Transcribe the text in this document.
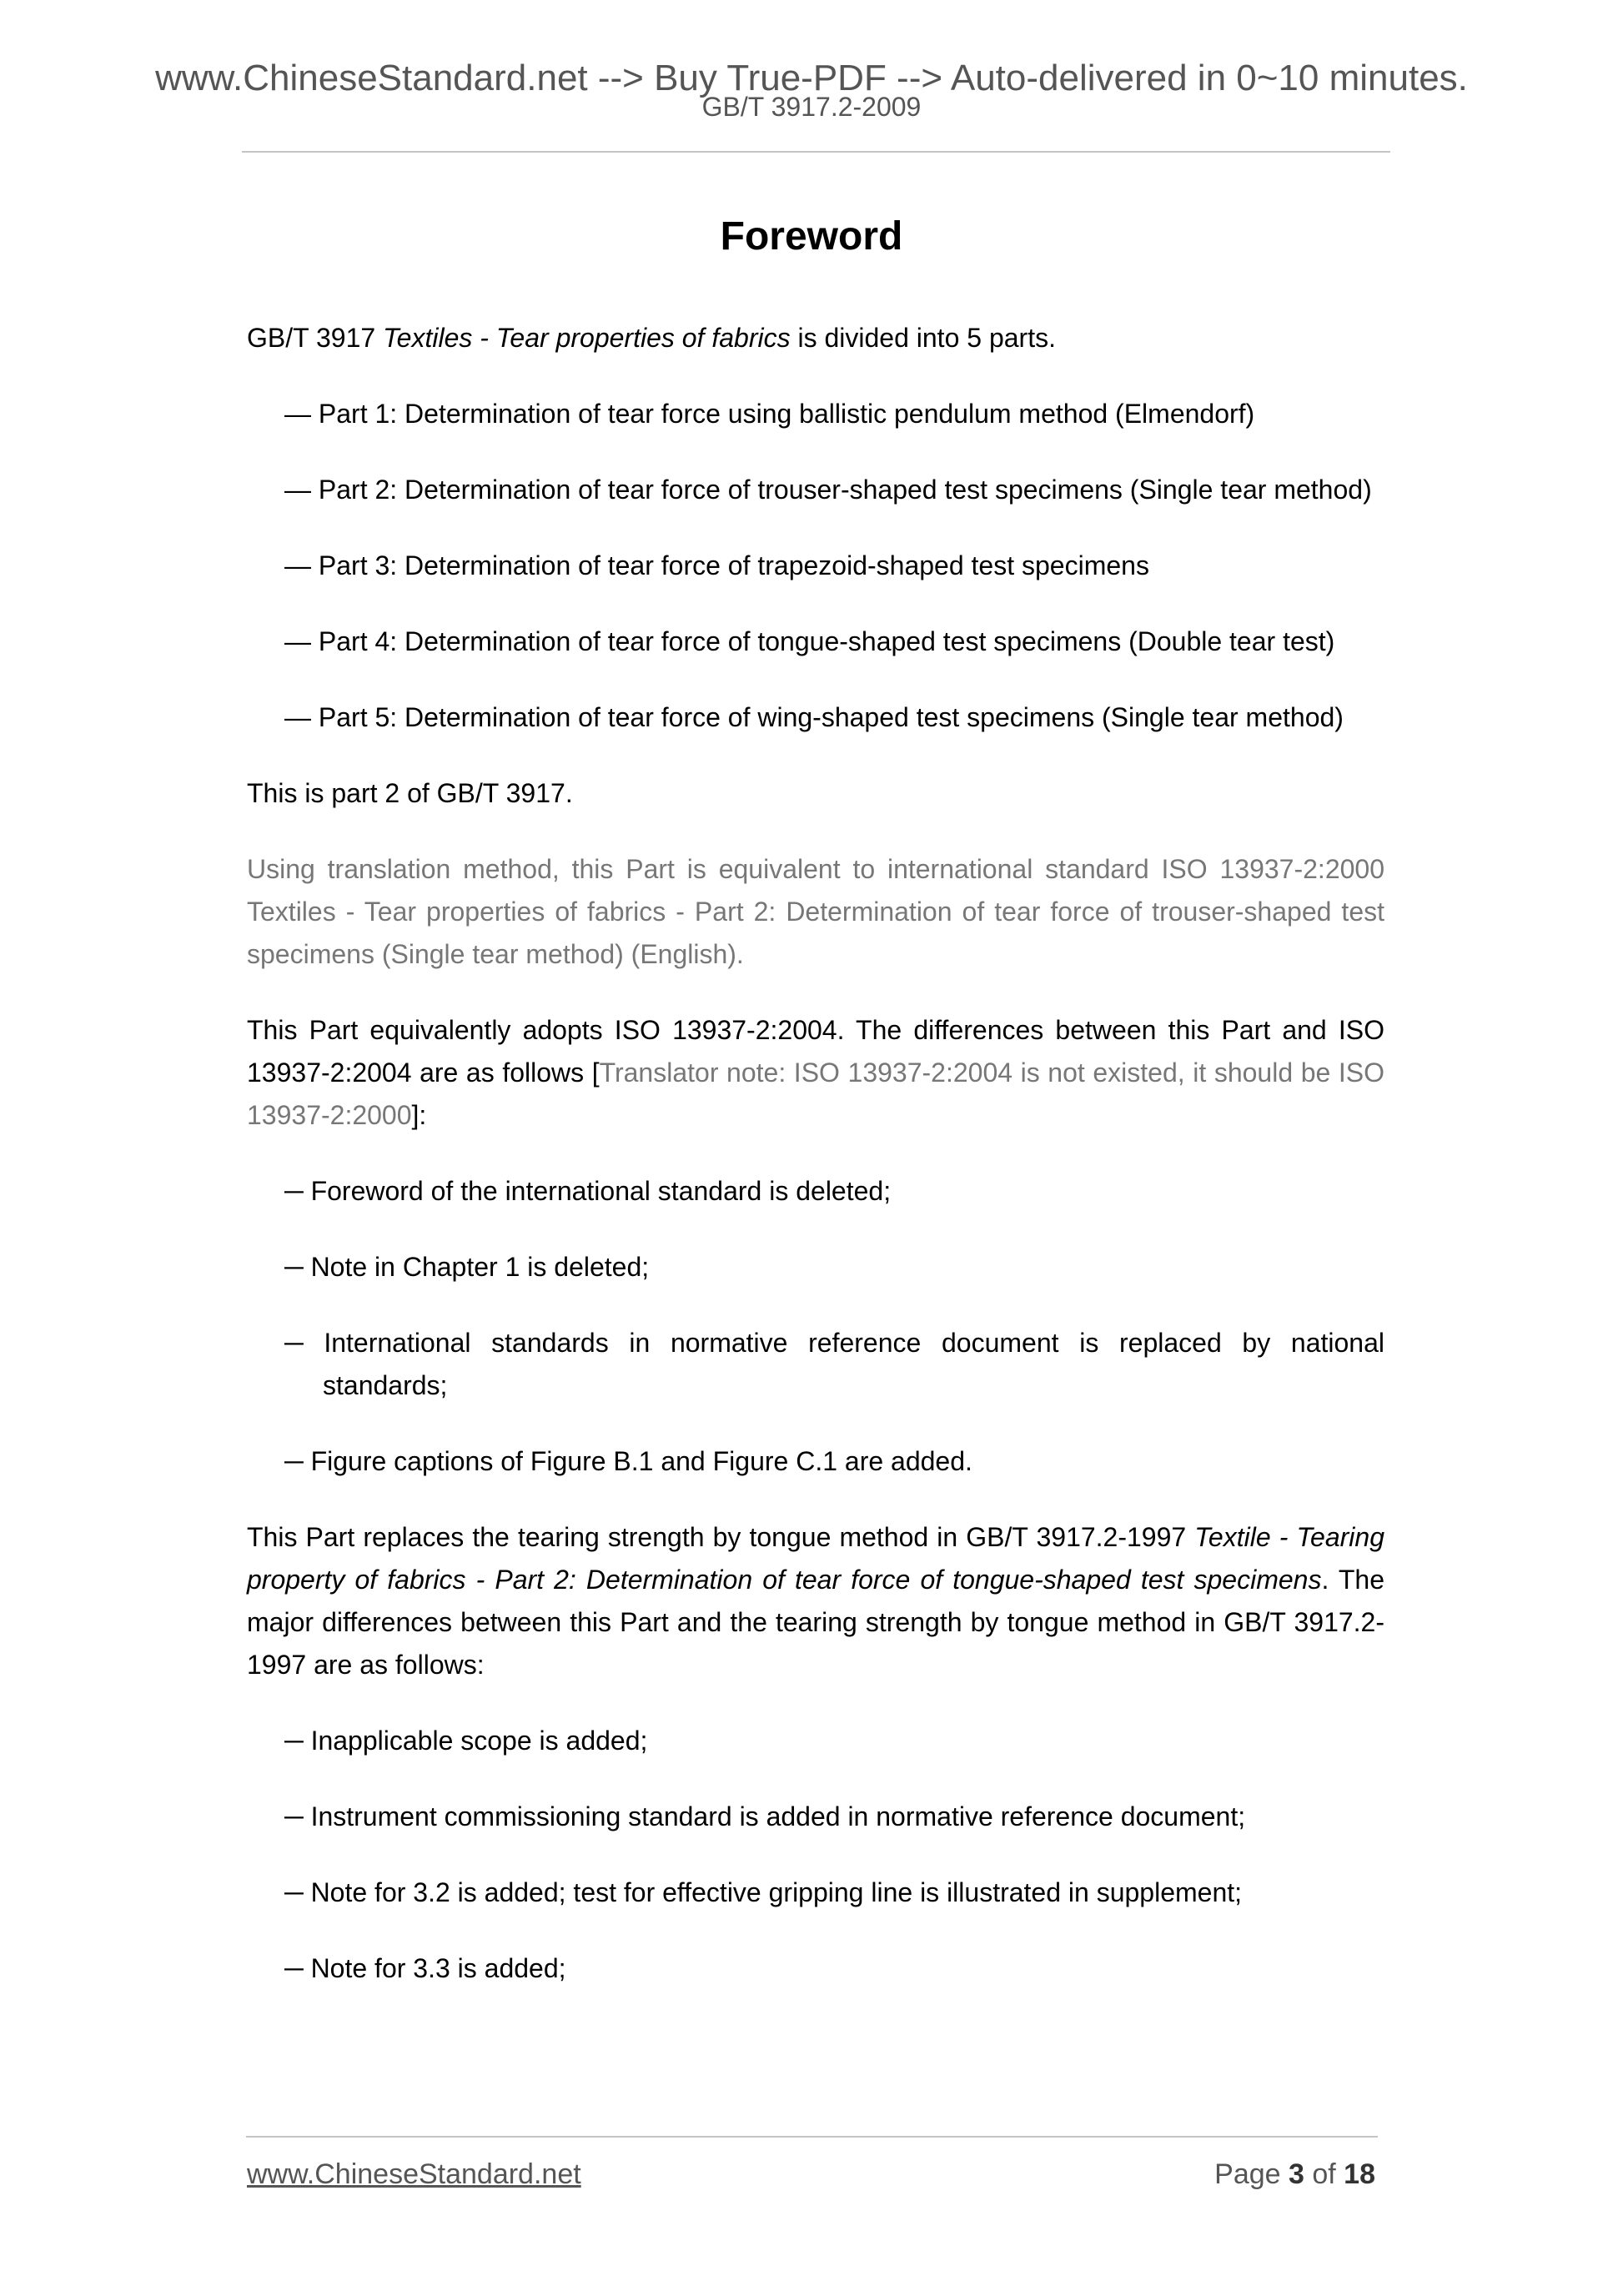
www.ChineseStandard.net --> Buy True-PDF --> Auto-delivered in 0~10 minutes.
GB/T 3917.2-2009
Foreword

GB/T 3917 Textiles - Tear properties of fabrics is divided into 5 parts.

— Part 1: Determination of tear force using ballistic pendulum method (Elmendorf)
— Part 2: Determination of tear force of trouser-shaped test specimens (Single tear method)
— Part 3: Determination of tear force of trapezoid-shaped test specimens
— Part 4: Determination of tear force of tongue-shaped test specimens (Double tear test)
— Part 5: Determination of tear force of wing-shaped test specimens (Single tear method)

This is part 2 of GB/T 3917.

Using translation method, this Part is equivalent to international standard ISO 13937-2:2000 Textiles - Tear properties of fabrics - Part 2: Determination of tear force of trouser-shaped test specimens (Single tear method) (English).

This Part equivalently adopts ISO 13937-2:2004. The differences between this Part and ISO 13937-2:2004 are as follows [Translator note: ISO 13937-2:2004 is not existed, it should be ISO 13937-2:2000]:

─ Foreword of the international standard is deleted;
─ Note in Chapter 1 is deleted;
─ International standards in normative reference document is replaced by national standards;
─ Figure captions of Figure B.1 and Figure C.1 are added.

This Part replaces the tearing strength by tongue method in GB/T 3917.2-1997 Textile - Tearing property of fabrics - Part 2: Determination of tear force of tongue-shaped test specimens. The major differences between this Part and the tearing strength by tongue method in GB/T 3917.2-1997 are as follows:

─ Inapplicable scope is added;
─ Instrument commissioning standard is added in normative reference document;
─ Note for 3.2 is added; test for effective gripping line is illustrated in supplement;
─ Note for 3.3 is added;
www.ChineseStandard.net	Page 3 of 18
